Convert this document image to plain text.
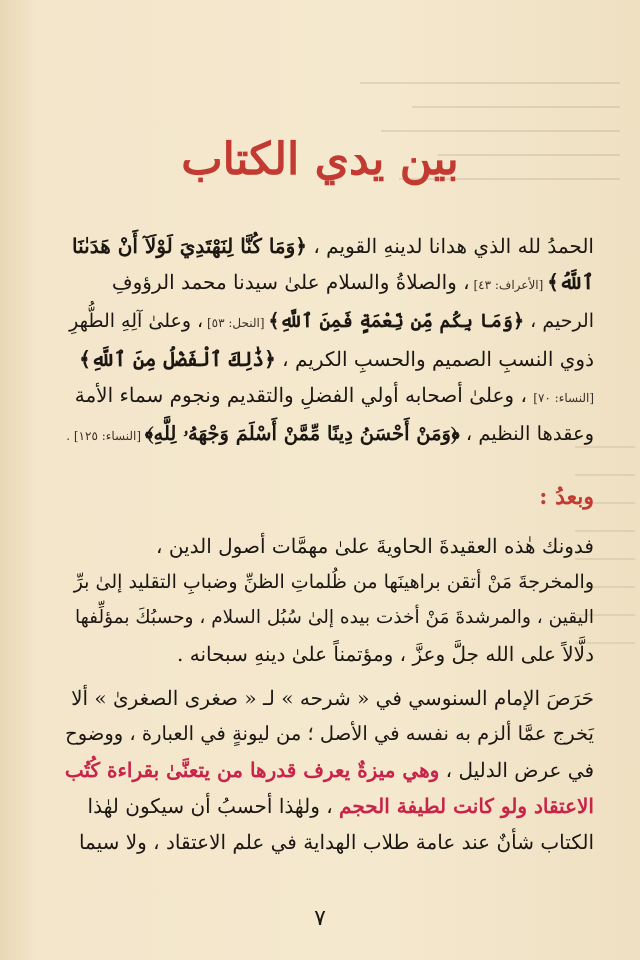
بين يدي الكتاب
الحمدُ لله الذي هدانا لدينهِ القويم ، ﴿وَمَا كُنَّا لِنَهْتَدِيَ لَوْلَآ أَنْ هَدَىٰنَا
ٱللَّهُ﴾ [الأعراف: ٤٣] ، والصلاةُ والسلام علىٰ سيدنا محمد الرؤوفِ
الرحيم ، ﴿وَمَا بِكُم مِّن نِّعْمَةٍ فَمِنَ ٱللَّهِ﴾ [النحل: ٥٣] ، وعلىٰ آلِهِ الطُّهرِ
ذوي النسبِ الصميم والحسبِ الكريم ، ﴿ذَٰلِكَ ٱلْفَضْلُ مِنَ ٱللَّهِ﴾
[النساء: ٧٠] ، وعلىٰ أصحابه أولي الفضلِ والتقديم ونجوم سماء الأمة
وعقدها النظيم ، ﴿وَمَنْ أَحْسَنُ دِينًا مِّمَّنْ أَسْلَمَ وَجْهَهُۥ لِلَّهِ﴾ [النساء: ١٢٥] .

وبعدُ :

فدونك هٰذه العقيدةَ الحاويةَ علىٰ مهمَّات أصول الدين ،
والمخرجةَ مَنْ أتقن براهينَها من ظُلماتِ الظنِّ وضبابِ التقليد إلىٰ برِّ
اليقين ، والمرشدةَ مَنْ أخذت بيده إلىٰ سُبُل السلام ، وحسبُكَ بمؤلِّفها
دلَّالاً على الله جلَّ وعزَّ ، ومؤتمناً علىٰ دينهِ سبحانه .
حَرَصَ الإمام السنوسي في « شرحه » لـ « صغرى الصغرىٰ » ألا
يَخرج عمَّا ألزم به نفسه في الأصل ؛ من ليونةٍ في العبارة ، ووضوح
في عرض الدليل ، وهي ميزةٌ يعرف قدرها من يتعنَّىٰ بقراءة كُتُب
الاعتقاد ولو كانت لطيفة الحجم ، ولهٰذا أحسبُ أن سيكون لهٰذا
الكتاب شأنٌ عند عامة طلاب الهداية في علم الاعتقاد ، ولا سيما
٧
